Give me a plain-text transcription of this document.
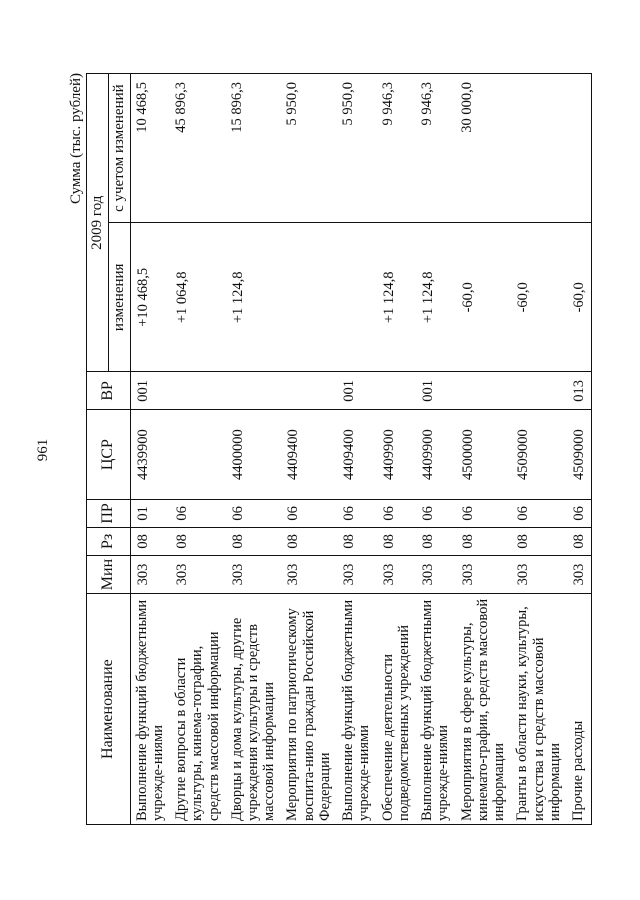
961
Сумма (тыс. рублей)
Наименование	Мин	Рз	ПР	ЦСР	ВР	2009 год	
						изменения	с учетом изменений
Выполнение функций бюджетными учрежде-ниями	303	08	01	4439900	001	+10 468,5	10 468,5
Другие вопросы в области культуры, кинема-тографии, средств массовой информации	303	08	06			+1 064,8	45 896,3
Дворцы и дома культуры, другие учреждения культуры и средств массовой информации	303	08	06	4400000		+1 124,8	15 896,3
Мероприятия по патриотическому воспита-нию граждан Российской Федерации	303	08	06	4409400			5 950,0
Выполнение функций бюджетными учрежде-ниями	303	08	06	4409400	001		5 950,0
Обеспечение деятельности подведомственных учреждений	303	08	06	4409900		+1 124,8	9 946,3
Выполнение функций бюджетными учрежде-ниями	303	08	06	4409900	001	+1 124,8	9 946,3
Мероприятия в сфере культуры, кинемато-графии, средств массовой информации	303	08	06	4500000		-60,0	30 000,0
Гранты в области науки, культуры, искусства и средств массовой информации	303	08	06	4509000		-60,0	
Прочие расходы	303	08	06	4509000	013	-60,0	
